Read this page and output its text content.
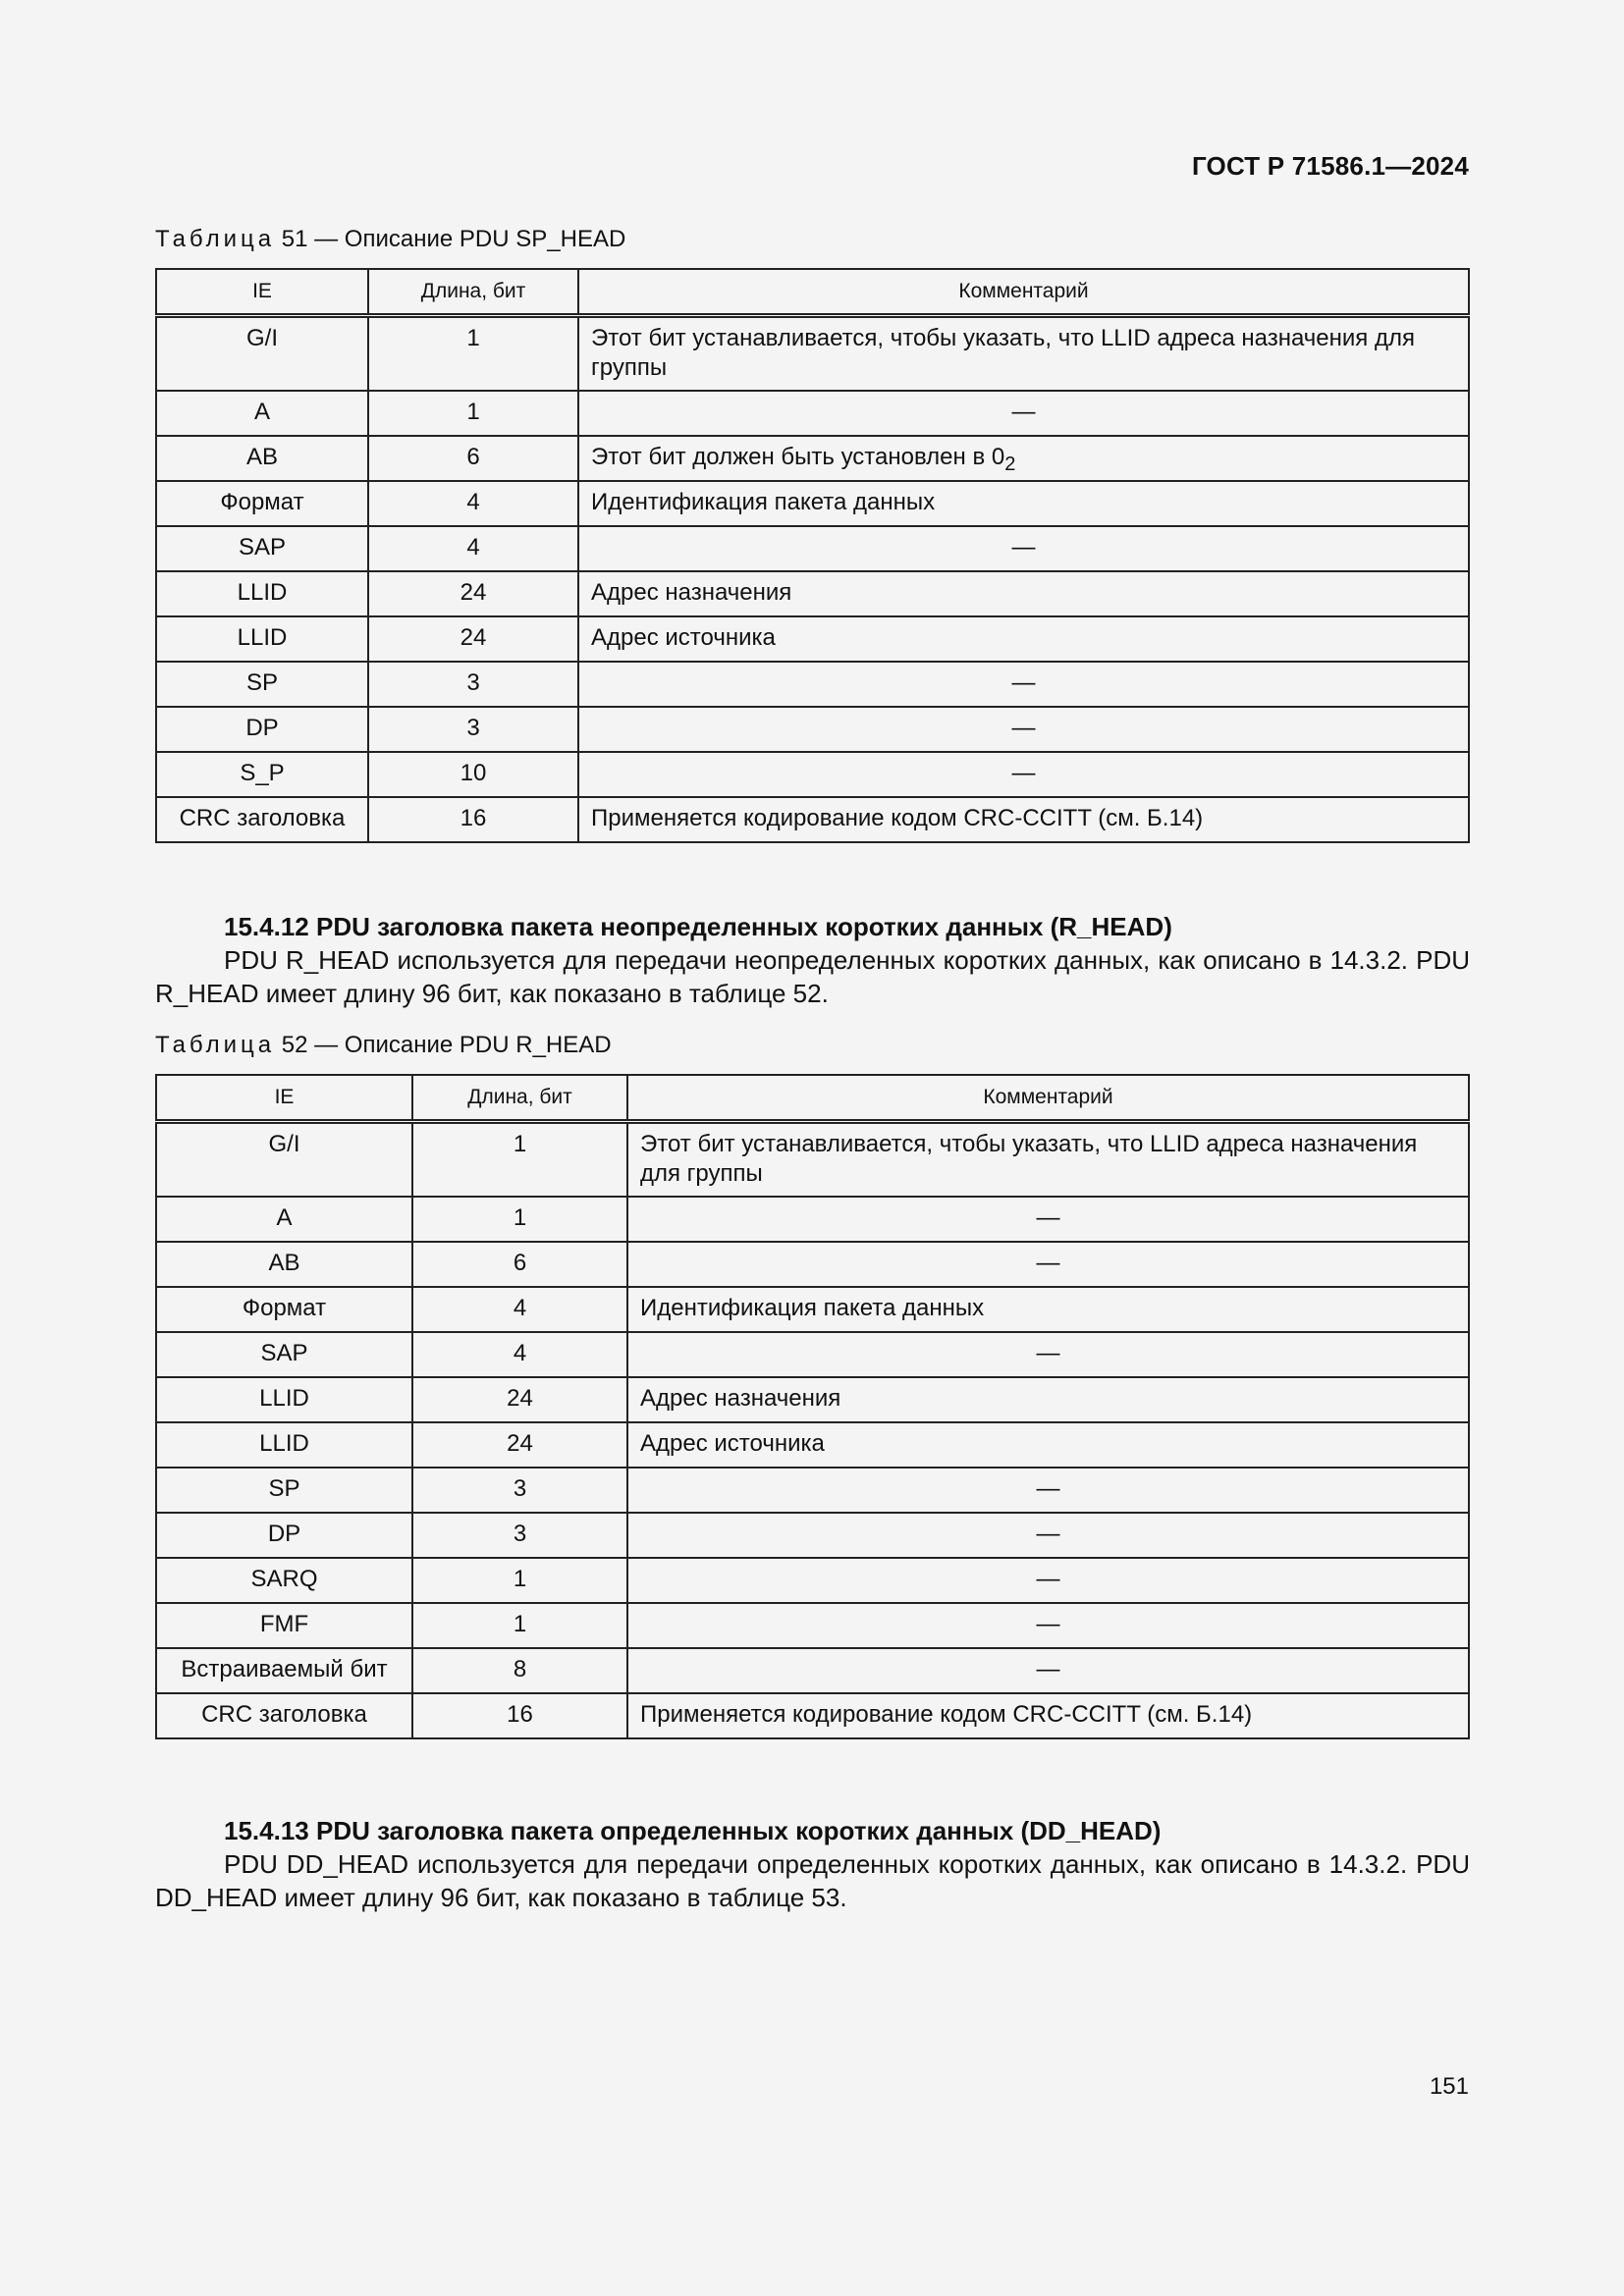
ГОСТ Р 71586.1—2024
Таблица 51 — Описание PDU SP_HEAD
IE	Длина, бит	Комментарий
G/I	1	Этот бит устанавливается, чтобы указать, что LLID адреса назначения для группы
A	1	—
AB	6	Этот бит должен быть установлен в $0_2$
Формат	4	Идентификация пакета данных
SAP	4	—
LLID	24	Адрес назначения
LLID	24	Адрес источника
SP	3	—
DP	3	—
S_P	10	—
CRC заголовка	16	Применяется кодирование кодом CRC-CCITT (см. Б.14)
15.4.12 PDU заголовка пакета неопределенных коротких данных (R_HEAD)
PDU R_HEAD используется для передачи неопределенных коротких данных, как описано в 14.3.2. PDU R_HEAD имеет длину 96 бит, как показано в таблице 52.
Таблица 52 — Описание PDU R_HEAD
IE	Длина, бит	Комментарий
G/I	1	Этот бит устанавливается, чтобы указать, что LLID адреса назначения для группы
A	1	—
AB	6	—
Формат	4	Идентификация пакета данных
SAP	4	—
LLID	24	Адрес назначения
LLID	24	Адрес источника
SP	3	—
DP	3	—
SARQ	1	—
FMF	1	—
Встраиваемый бит	8	—
CRC заголовка	16	Применяется кодирование кодом CRC-CCITT (см. Б.14)
15.4.13 PDU заголовка пакета определенных коротких данных (DD_HEAD)
PDU DD_HEAD используется для передачи определенных коротких данных, как описано в 14.3.2. PDU DD_HEAD имеет длину 96 бит, как показано в таблице 53.
151
